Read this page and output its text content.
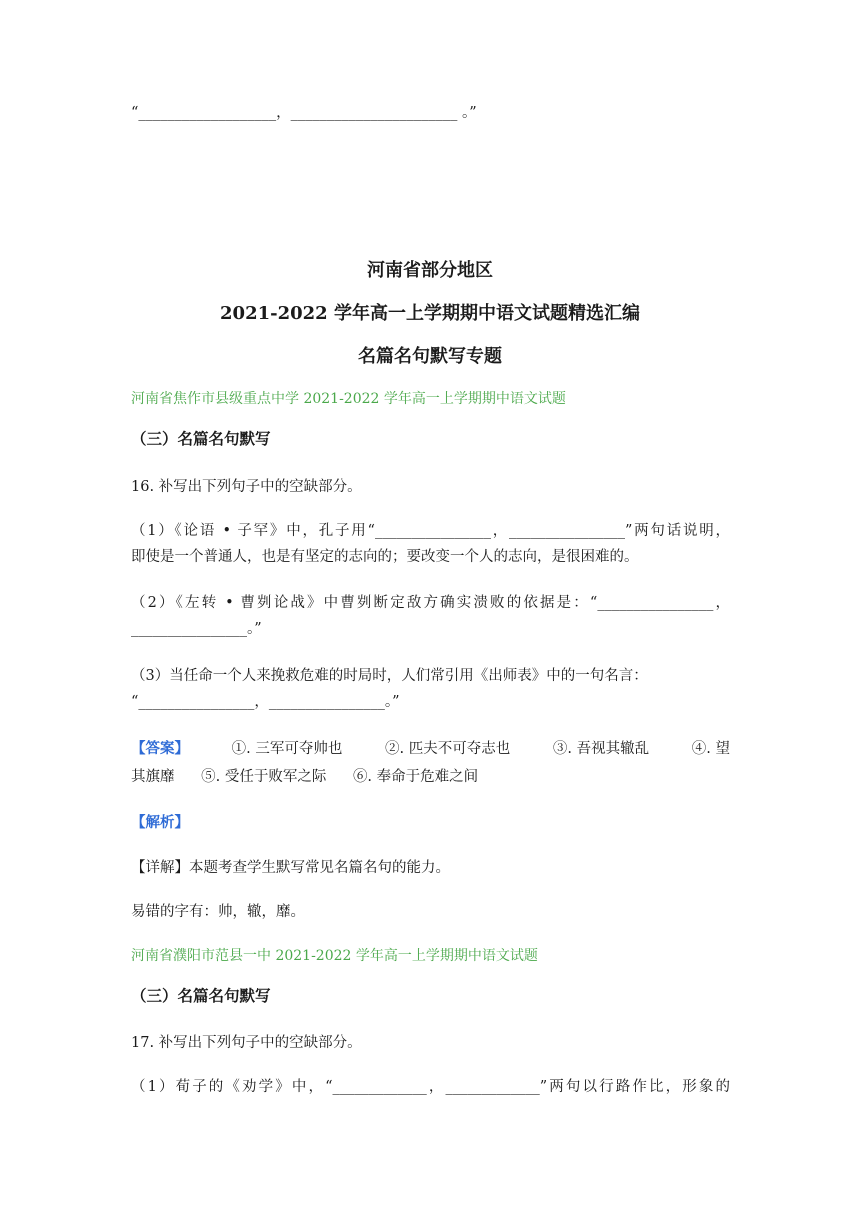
“___________________，_______________________ 。”
河南省部分地区
2021-2022 学年高一上学期期中语文试题精选汇编
名篇名句默写专题
河南省焦作市县级重点中学 2021-2022 学年高一上学期期中语文试题
（三）名篇名句默写
16. 补写出下列句子中的空缺部分。
（1）《论语 • 子罕》中，孔子用“________________，________________”两句话说明，
即使是一个普通人，也是有坚定的志向的；要改变一个人的志向，是很困难的。
（2）《左转 • 曹刿论战》中曹刿断定敌方确实溃败的依据是：“________________，
________________。”
（3）当任命一个人来挽救危难的时局时，人们常引用《出师表》中的一句名言：
“________________，________________。”
【答案】	①. 三军可夺帅也	②. 匹夫不可夺志也	③. 吾视其辙乱	④. 望
其旗靡 ⑤. 受任于败军之际 ⑥. 奉命于危难之间
【解析】
【详解】本题考查学生默写常见名篇名句的能力。
易错的字有：帅，辙，靡。
河南省濮阳市范县一中 2021-2022 学年高一上学期期中语文试题
（三）名篇名句默写
17. 补写出下列句子中的空缺部分。
（1）荀子的《劝学》中，“_____________，_____________”两句以行路作比，形象的
